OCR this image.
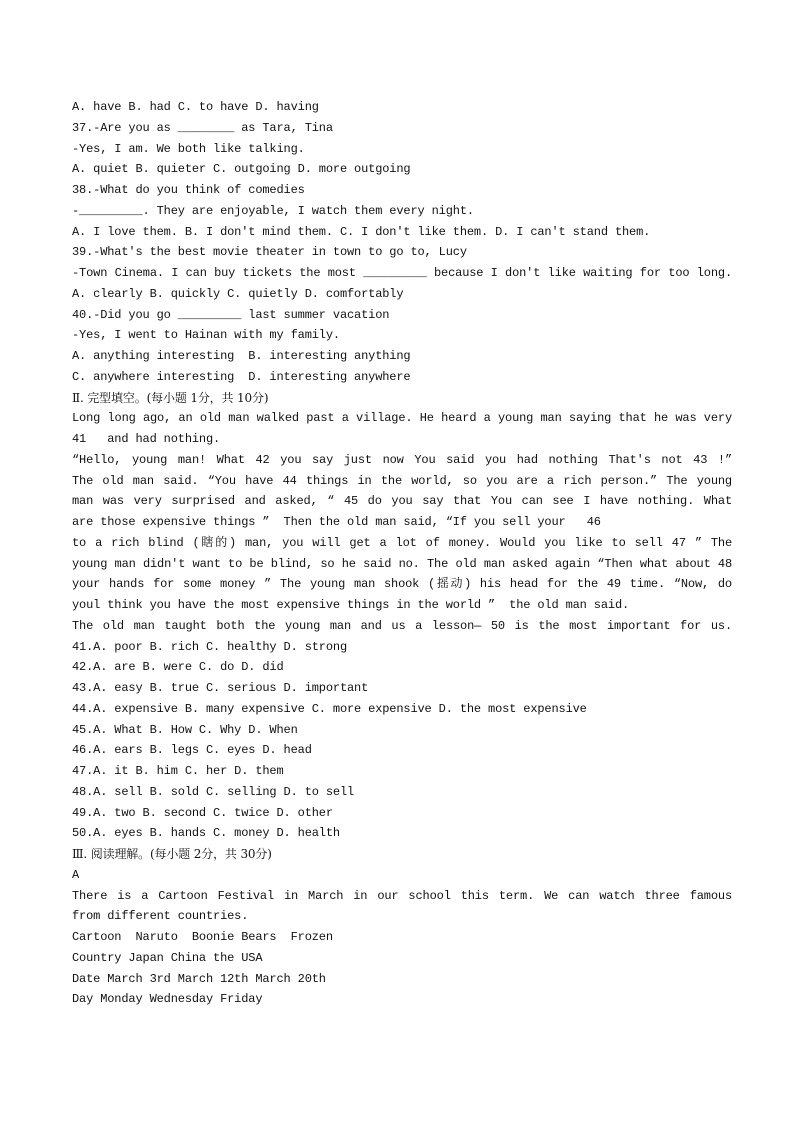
A. have B. had C. to have D. having
37.-Are you as ________ as Tara, Tina
-Yes, I am. We both like talking.
A. quiet B. quieter C. outgoing D. more outgoing
38.-What do you think of comedies
-_________. They are enjoyable, I watch them every night.
A. I love them. B. I don't mind them. C. I don't like them. D. I can't stand them.
39.-What's the best movie theater in town to go to, Lucy
-Town Cinema. I can buy tickets the most _________ because I don't like waiting for too long.
A. clearly B. quickly C. quietly D. comfortably
40.-Did you go _________ last summer vacation
-Yes, I went to Hainan with my family.
A. anything interesting  B. interesting anything
C. anywhere interesting  D. interesting anywhere
Ⅱ. 完型填空。(每小题 1分，共 10分)
Long long ago, an old man walked past a village. He heard a young man saying that he was very
41   and had nothing.
“Hello, young man! What 42 you say just now You said you had nothing That's not 43 !”
The old man said. “You have 44 things in the world, so you are a rich person.” The young
man was very surprised and asked, “ 45 do you say that You can see I have nothing. What
are those expensive things ”  Then the old man said, “If you sell your   46
to a rich blind (瞎的) man, you will get a lot of money. Would you like to sell 47 ” The
young man didn't want to be blind, so he said no. The old man asked again “Then what about 48
your hands for some money ” The young man shook (摇动) his head for the 49 time. “Now, do
youl think you have the most expensive things in the world ”  the old man said.
The old man taught both the young man and us a lesson— 50 is the most important for us.
41.A. poor B. rich C. healthy D. strong
42.A. are B. were C. do D. did
43.A. easy B. true C. serious D. important
44.A. expensive B. many expensive C. more expensive D. the most expensive
45.A. What B. How C. Why D. When
46.A. ears B. legs C. eyes D. head
47.A. it B. him C. her D. them
48.A. sell B. sold C. selling D. to sell
49.A. two B. second C. twice D. other
50.A. eyes B. hands C. money D. health
Ⅲ. 阅读理解。(每小题 2分，共 30分)
A
There is a Cartoon Festival in March in our school this term. We can watch three famous
from different countries.
Cartoon  Naruto  Boonie Bears  Frozen
Country Japan China the USA
Date March 3rd March 12th March 20th
Day Monday Wednesday Friday
